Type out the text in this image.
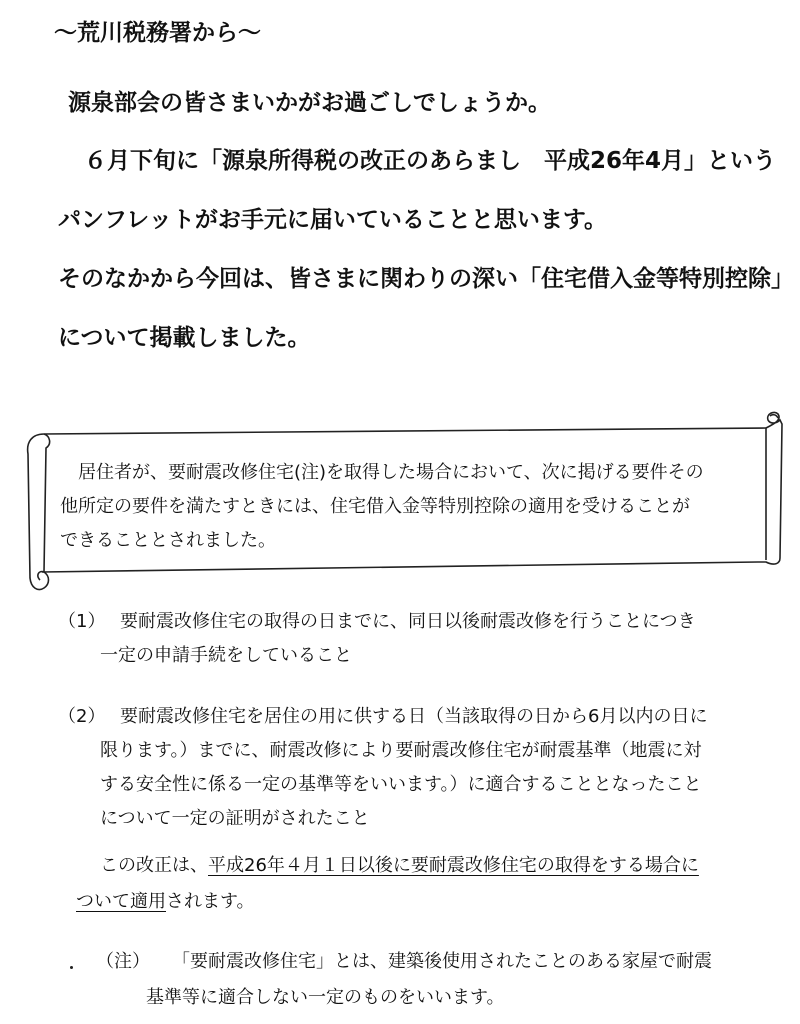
～荒川税務署から～
源泉部会の皆さまいかがお過ごしでしょうか。
６月下旬に「源泉所得税の改正のあらまし　平成26年4月」という
パンフレットがお手元に届いていることと思います。
そのなかから今回は、皆さまに関わりの深い「住宅借入金等特別控除」
について掲載しました。

居住者が、要耐震改修住宅(注)を取得した場合において、次に掲げる要件その

他所定の要件を満たすときには、住宅借入金等特別控除の適用を受けることが

できることとされました。

（1） 要耐震改修住宅の取得の日までに、同日以後耐震改修を行うことにつき

一定の申請手続をしていること

（2） 要耐震改修住宅を居住の用に供する日（当該取得の日から6月以内の日に

限ります。）までに、耐震改修により要耐震改修住宅が耐震基準（地震に対

する安全性に係る一定の基準等をいいます。）に適合することとなったこと

について一定の証明がされたこと

この改正は、平成26年４月１日以後に要耐震改修住宅の取得をする場合に

ついて適用されます。

（注） 「要耐震改修住宅」とは、建築後使用されたことのある家屋で耐震

基準等に適合しない一定のものをいいます。
